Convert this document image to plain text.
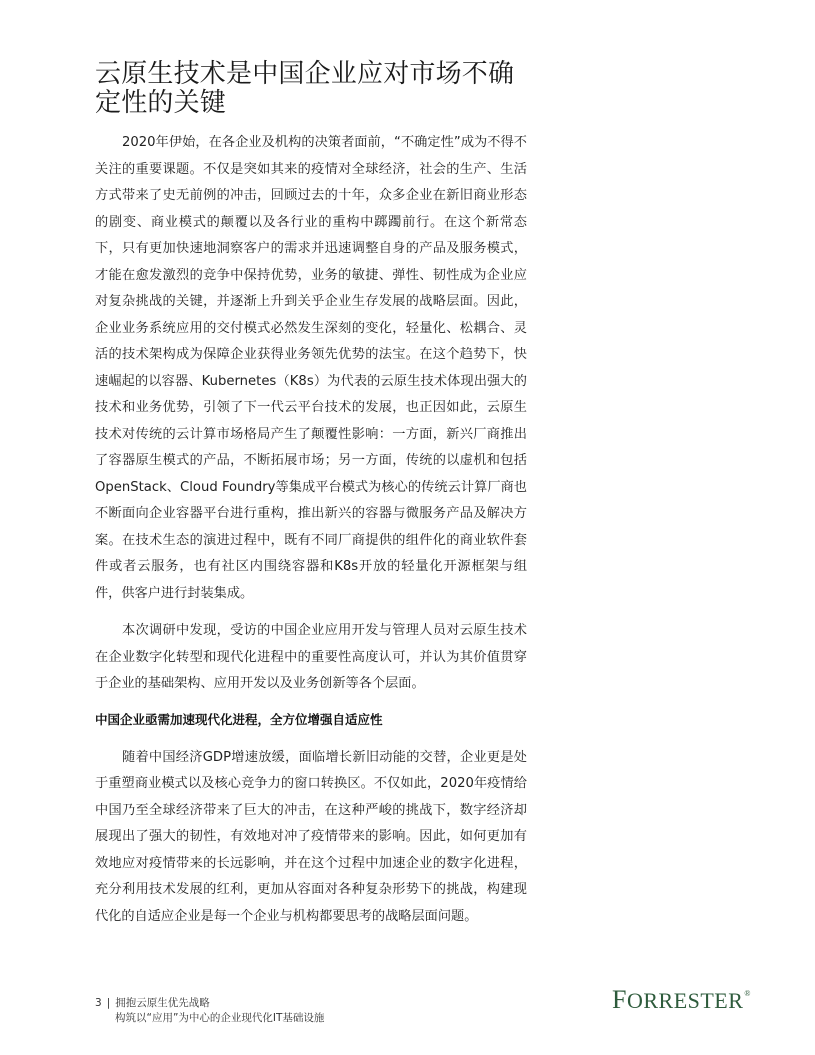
云原生技术是中国企业应对市场不确定性的关键

2020年伊始，在各企业及机构的决策者面前，“不确定性”成为不得不关注的重要课题。不仅是突如其来的疫情对全球经济，社会的生产、生活方式带来了史无前例的冲击，回顾过去的十年，众多企业在新旧商业形态的剧变、商业模式的颠覆以及各行业的重构中踯躅前行。在这个新常态下，只有更加快速地洞察客户的需求并迅速调整自身的产品及服务模式，才能在愈发激烈的竞争中保持优势，业务的敏捷、弹性、韧性成为企业应对复杂挑战的关键，并逐渐上升到关乎企业生存发展的战略层面。因此，企业业务系统应用的交付模式必然发生深刻的变化，轻量化、松耦合、灵活的技术架构成为保障企业获得业务领先优势的法宝。在这个趋势下，快速崛起的以容器、Kubernetes（K8s）为代表的云原生技术体现出强大的技术和业务优势，引领了下一代云平台技术的发展，也正因如此，云原生技术对传统的云计算市场格局产生了颠覆性影响：一方面，新兴厂商推出了容器原生模式的产品，不断拓展市场；另一方面，传统的以虚机和包括OpenStack、Cloud Foundry等集成平台模式为核心的传统云计算厂商也不断面向企业容器平台进行重构，推出新兴的容器与微服务产品及解决方案。在技术生态的演进过程中，既有不同厂商提供的组件化的商业软件套件或者云服务，也有社区内围绕容器和K8s开放的轻量化开源框架与组件，供客户进行封装集成。

本次调研中发现，受访的中国企业应用开发与管理人员对云原生技术在企业数字化转型和现代化进程中的重要性高度认可，并认为其价值贯穿于企业的基础架构、应用开发以及业务创新等各个层面。

中国企业亟需加速现代化进程，全方位增强自适应性

随着中国经济GDP增速放缓，面临增长新旧动能的交替，企业更是处于重塑商业模式以及核心竞争力的窗口转换区。不仅如此，2020年疫情给中国乃至全球经济带来了巨大的冲击，在这种严峻的挑战下，数字经济却展现出了强大的韧性，有效地对冲了疫情带来的影响。因此，如何更加有效地应对疫情带来的长远影响，并在这个过程中加速企业的数字化进程，充分利用技术发展的红利，更加从容面对各种复杂形势下的挑战，构建现代化的自适应企业是每一个企业与机构都要思考的战略层面问题。

3 | 拥抱云原生优先战略
构筑以“应用”为中心的企业现代化IT基础设施
FORRESTER®
